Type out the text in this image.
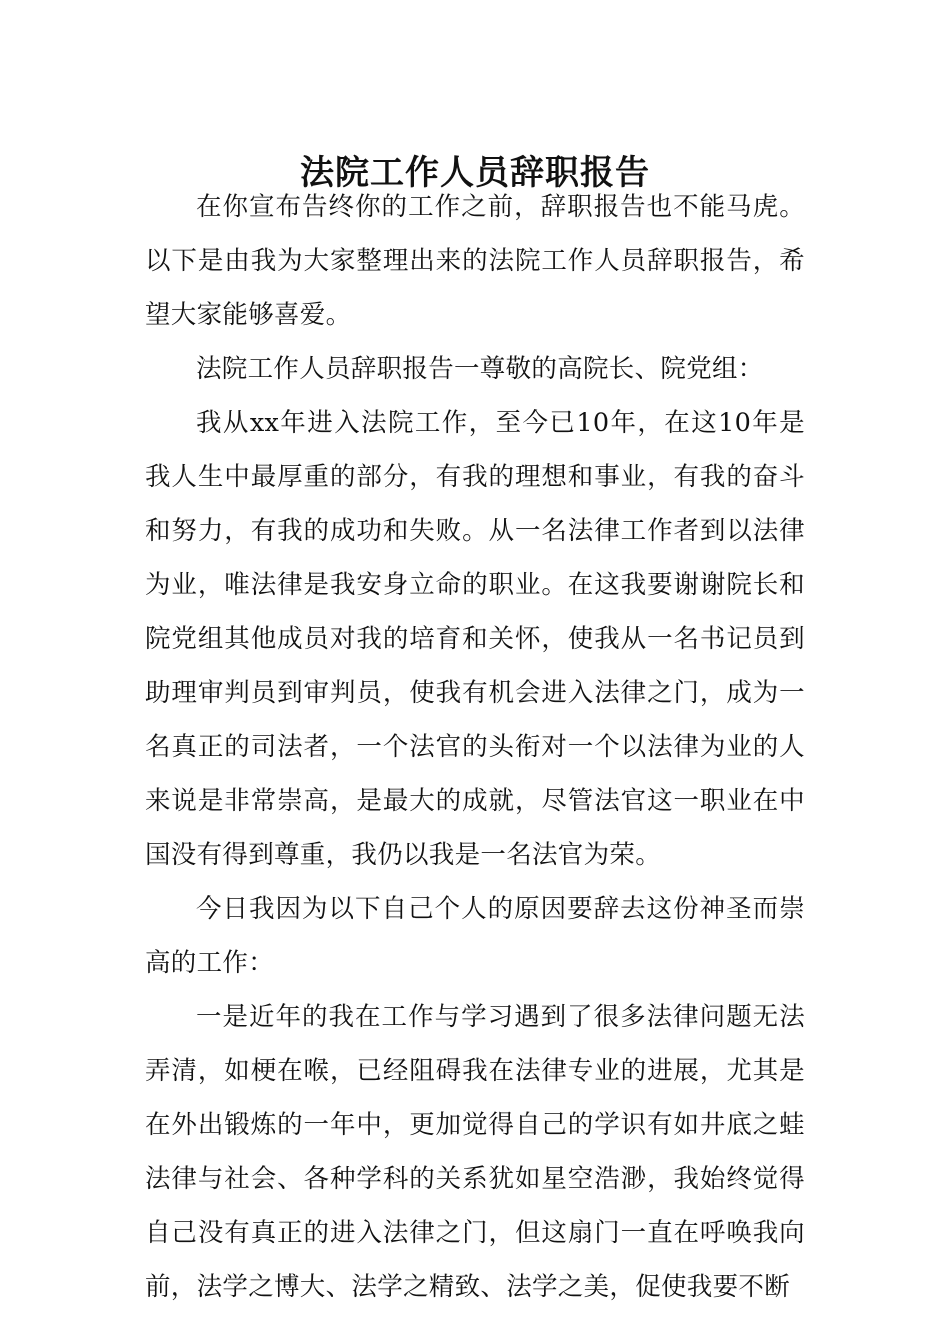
法院工作人员辞职报告

在你宣布告终你的工作之前，辞职报告也不能马虎。以下是由我为大家整理出来的法院工作人员辞职报告，希望大家能够喜爱。

法院工作人员辞职报告一尊敬的高院长、院党组：

我从xx年进入法院工作，至今已10年，在这10年是我人生中最厚重的部分，有我的理想和事业，有我的奋斗和努力，有我的成功和失败。从一名法律工作者到以法律为业，唯法律是我安身立命的职业。在这我要谢谢院长和院党组其他成员对我的培育和关怀，使我从一名书记员到助理审判员到审判员，使我有机会进入法律之门，成为一名真正的司法者，一个法官的头衔对一个以法律为业的人来说是非常崇高，是最大的成就，尽管法官这一职业在中国没有得到尊重，我仍以我是一名法官为荣。

今日我因为以下自己个人的原因要辞去这份神圣而崇高的工作：

一是近年的我在工作与学习遇到了很多法律问题无法弄清，如梗在喉，已经阻碍我在法律专业的进展，尤其是在外出锻炼的一年中，更加觉得自己的学识有如井底之蛙法律与社会、各种学科的关系犹如星空浩渺，我始终觉得自己没有真正的进入法律之门，但这扇门一直在呼唤我向前，法学之博大、法学之精致、法学之美，促使我要不断
